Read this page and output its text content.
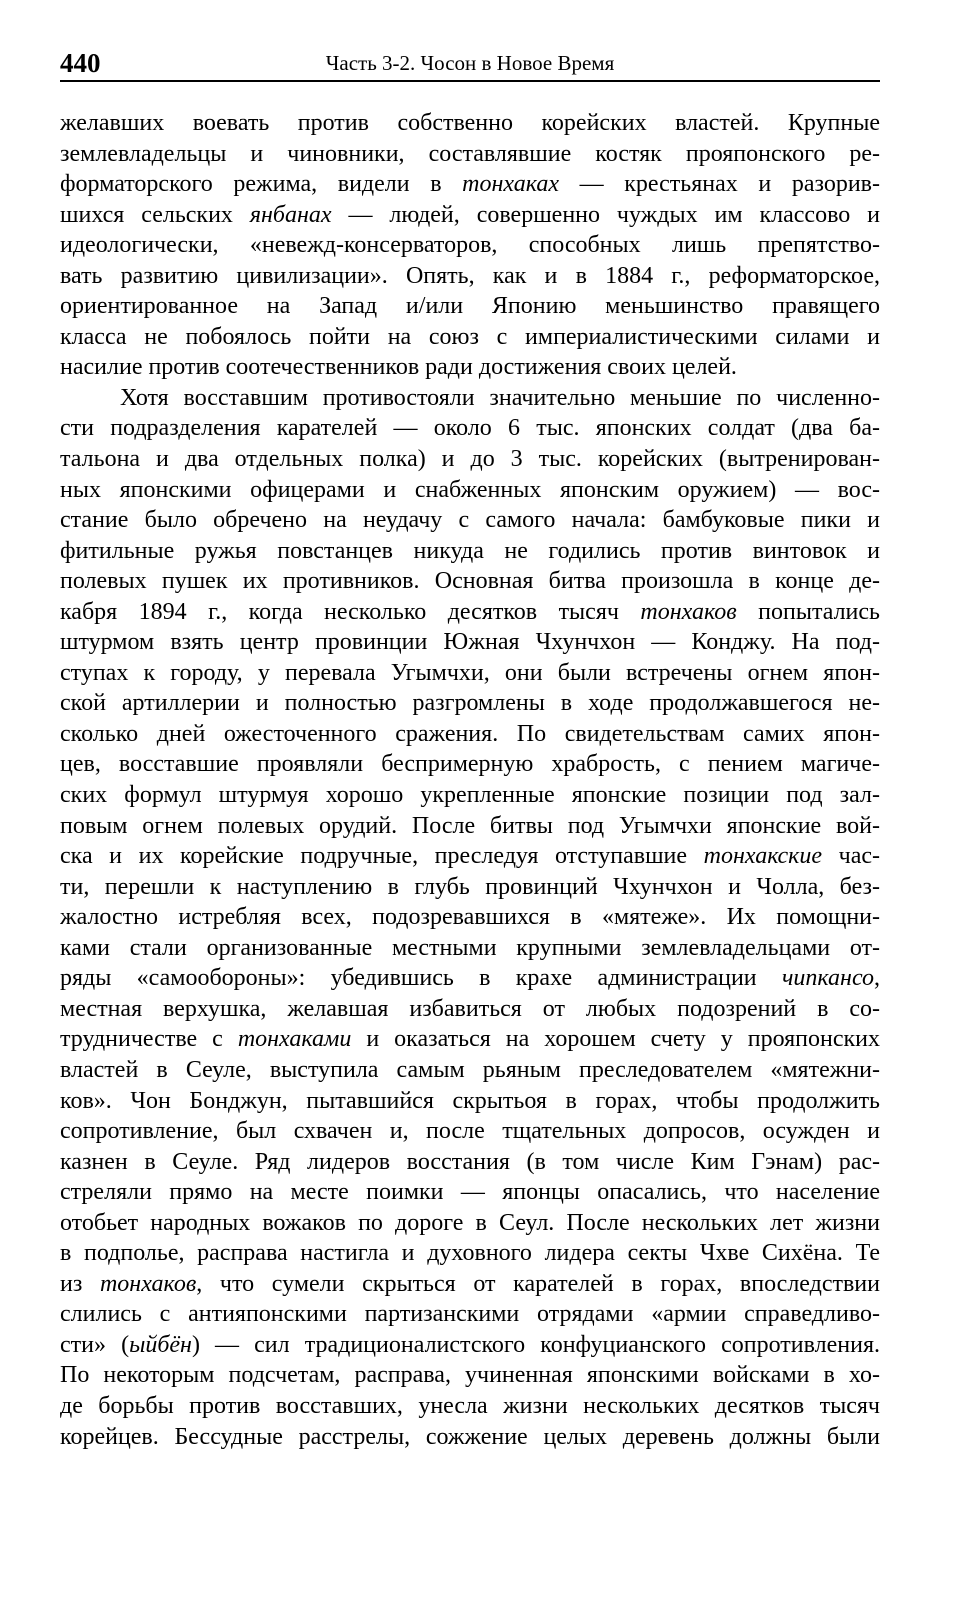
440	Часть 3-2. Чосон в Новое Время
желавших воевать против собственно корейских властей. Крупные
землевладельцы и чиновники, составлявшие костяк прояпонского ре-
форматорского режима, видели в тонхаках — крестьянах и разорив-
шихся сельских янбанах — людей, совершенно чуждых им классово и
идеологически, «невежд-консерваторов, способных лишь препятство-
вать развитию цивилизации». Опять, как и в 1884 г., реформаторское,
ориентированное на Запад и/или Японию меньшинство правящего
класса не побоялось пойти на союз с империалистическими силами и
насилие против соотечественников ради достижения своих целей.
Хотя восставшим противостояли значительно меньшие по численно-
сти подразделения карателей — около 6 тыс. японских солдат (два ба-
тальона и два отдельных полка) и до 3 тыс. корейских (вытренирован-
ных японскими офицерами и снабженных японским оружием) — вос-
стание было обречено на неудачу с самого начала: бамбуковые пики и
фитильные ружья повстанцев никуда не годились против винтовок и
полевых пушек их противников. Основная битва произошла в конце де-
кабря 1894 г., когда несколько десятков тысяч тонхаков попытались
штурмом взять центр провинции Южная Чхунчхон — Конджу. На под-
ступах к городу, у перевала Угымчхи, они были встречены огнем япон-
ской артиллерии и полностью разгромлены в ходе продолжавшегося не-
сколько дней ожесточенного сражения. По свидетельствам самих япон-
цев, восставшие проявляли беспримерную храбрость, с пением магиче-
ских формул штурмуя хорошо укрепленные японские позиции под зал-
повым огнем полевых орудий. После битвы под Угымчхи японские вой-
ска и их корейские подручные, преследуя отступавшие тонхакские час-
ти, перешли к наступлению в глубь провинций Чхунчхон и Чолла, без-
жалостно истребляя всех, подозревавшихся в «мятеже». Их помощни-
ками стали организованные местными крупными землевладельцами от-
ряды «самообороны»: убедившись в крахе администрации чипкансо,
местная верхушка, желавшая избавиться от любых подозрений в со-
трудничестве с тонхаками и оказаться на хорошем счету у прояпонских
властей в Сеуле, выступила самым рьяным преследователем «мятежни-
ков». Чон Бонджун, пытавшийся скрытьоя в горах, чтобы продолжить
сопротивление, был схвачен и, после тщательных допросов, осужден и
казнен в Сеуле. Ряд лидеров восстания (в том числе Ким Гэнам) рас-
стреляли прямо на месте поимки — японцы опасались, что население
отобьет народных вожаков по дороге в Сеул. После нескольких лет жизни
в подполье, расправа настигла и духовного лидера секты Чхве Сихёна. Те
из тонхаков, что сумели скрыться от карателей в горах, впоследствии
слились с антияпонскими партизанскими отрядами «армии справедливо-
сти» (ыйбён) — сил традиционалистского конфуцианского сопротивления.
По некоторым подсчетам, расправа, учиненная японскими войсками в хо-
де борьбы против восставших, унесла жизни нескольких десятков тысяч
корейцев. Бессудные расстрелы, сожжение целых деревень должны были
